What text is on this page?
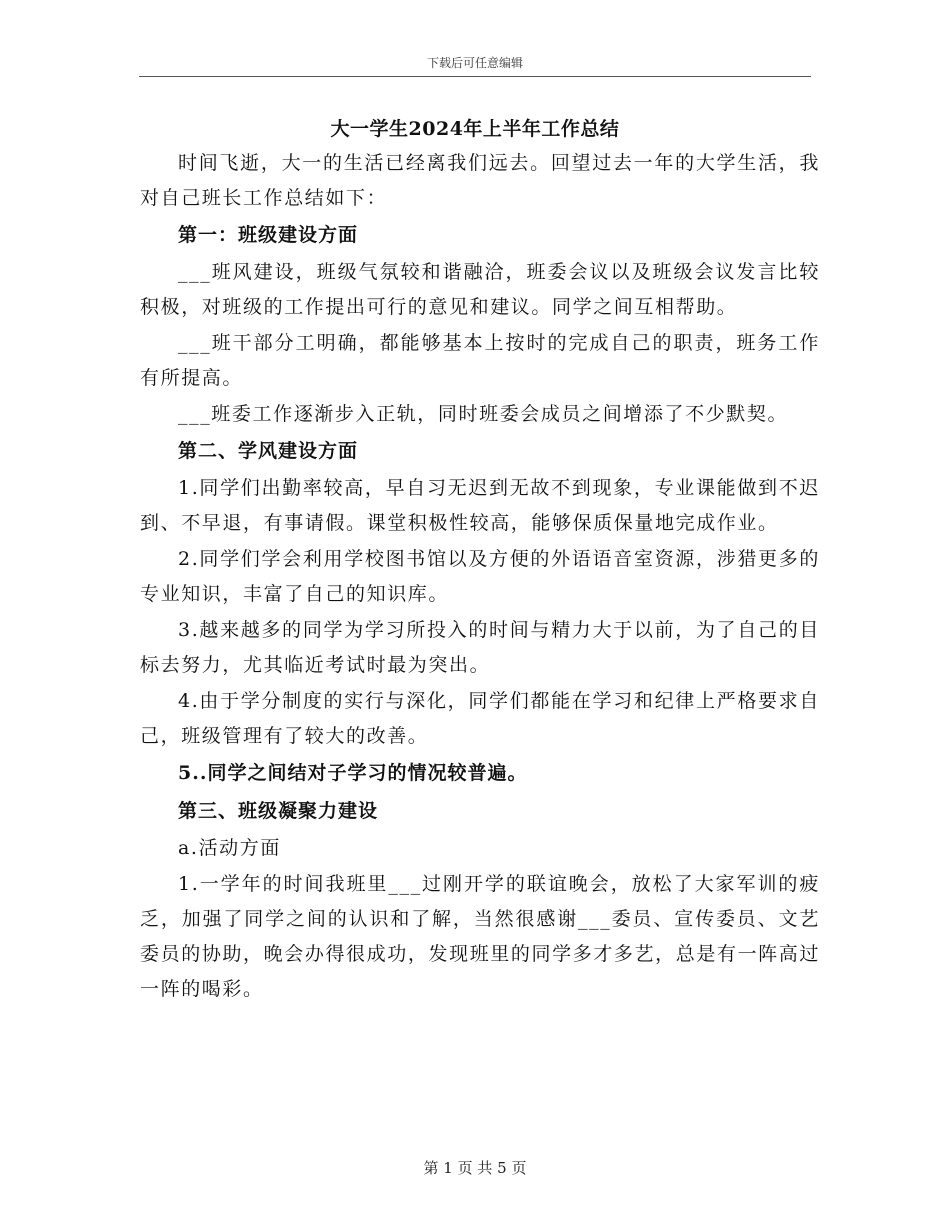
下载后可任意编辑
大一学生2024年上半年工作总结

时间飞逝，大一的生活已经离我们远去。回望过去一年的大学生活，我对自己班长工作总结如下：

第一：班级建设方面

___班风建设，班级气氛较和谐融洽，班委会议以及班级会议发言比较积极，对班级的工作提出可行的意见和建议。同学之间互相帮助。

___班干部分工明确，都能够基本上按时的完成自己的职责，班务工作有所提高。

___班委工作逐渐步入正轨，同时班委会成员之间增添了不少默契。

第二、学风建设方面

1.同学们出勤率较高，早自习无迟到无故不到现象，专业课能做到不迟到、不早退，有事请假。课堂积极性较高，能够保质保量地完成作业。

2.同学们学会利用学校图书馆以及方便的外语语音室资源，涉猎更多的专业知识，丰富了自己的知识库。

3.越来越多的同学为学习所投入的时间与精力大于以前，为了自己的目标去努力，尤其临近考试时最为突出。

4.由于学分制度的实行与深化，同学们都能在学习和纪律上严格要求自己，班级管理有了较大的改善。

5..同学之间结对子学习的情况较普遍。

第三、班级凝聚力建设

a.活动方面

1.一学年的时间我班里___过刚开学的联谊晚会，放松了大家军训的疲乏，加强了同学之间的认识和了解，当然很感谢___委员、宣传委员、文艺委员的协助，晚会办得很成功，发现班里的同学多才多艺，总是有一阵高过一阵的喝彩。

第 1 页 共 5 页
